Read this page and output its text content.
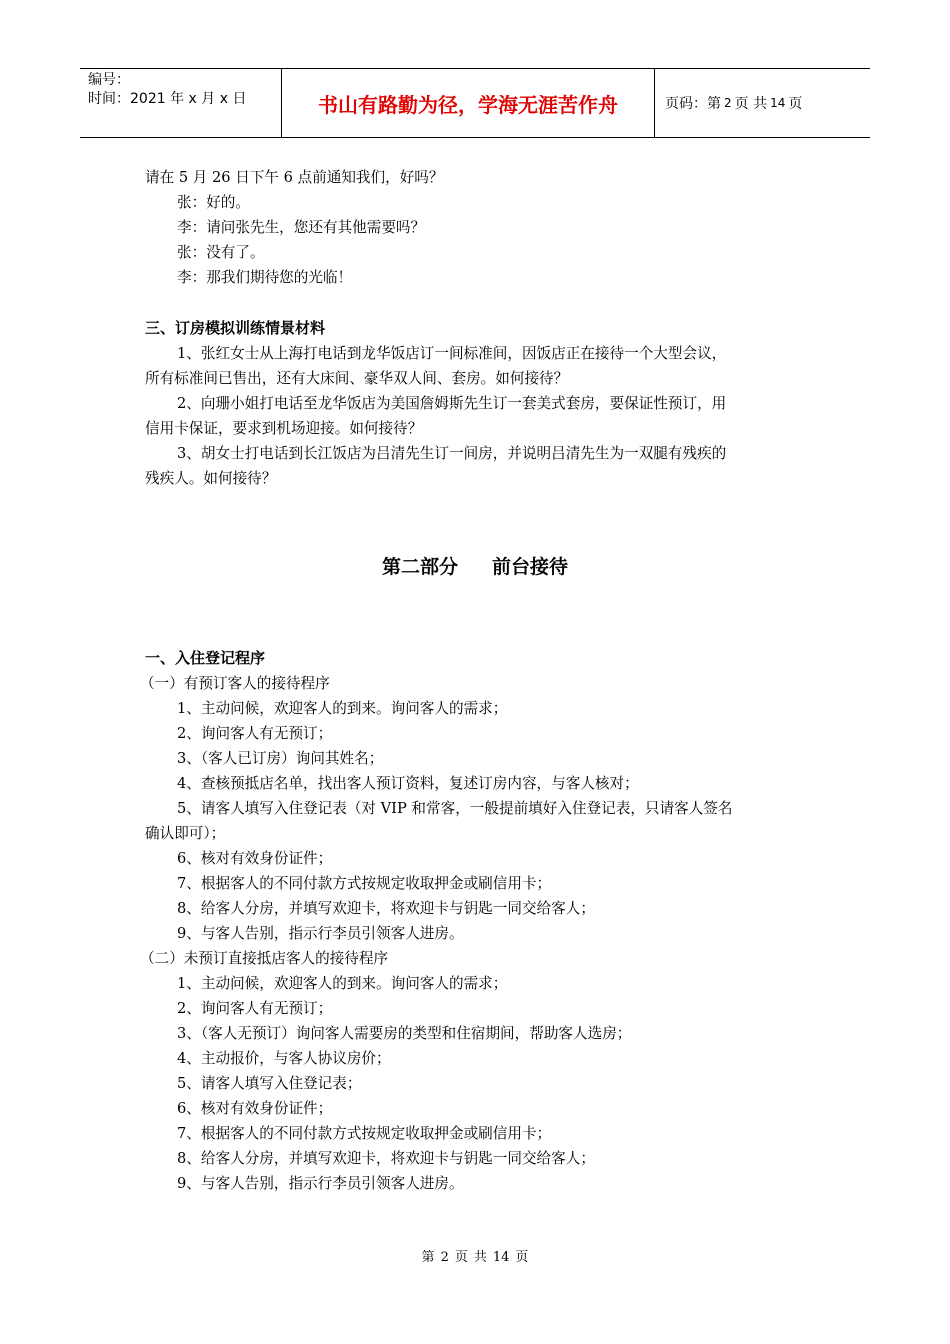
编号：
时间：2021 年 x 月 x 日	书山有路勤为径，学海无涯苦作舟	页码：第 2 页 共 14 页
请在 5 月 26 日下午 6 点前通知我们，好吗？
张：好的。
李：请问张先生，您还有其他需要吗？
张：没有了。
李：那我们期待您的光临！
三、订房模拟训练情景材料
1、张红女士从上海打电话到龙华饭店订一间标准间，因饭店正在接待一个大型会议，
所有标准间已售出，还有大床间、豪华双人间、套房。如何接待？
2、向珊小姐打电话至龙华饭店为美国詹姆斯先生订一套美式套房，要保证性预订，用
信用卡保证，要求到机场迎接。如何接待？
3、胡女士打电话到长江饭店为吕清先生订一间房，并说明吕清先生为一双腿有残疾的
残疾人。如何接待？
一、入住登记程序
（一）有预订客人的接待程序
1、主动问候，欢迎客人的到来。询问客人的需求；
2、询问客人有无预订；
3、（客人已订房）询问其姓名；
4、查核预抵店名单，找出客人预订资料，复述订房内容，与客人核对；
5、请客人填写入住登记表（对 VIP 和常客，一般提前填好入住登记表，只请客人签名
确认即可）；
6、核对有效身份证件；
7、根据客人的不同付款方式按规定收取押金或刷信用卡；
8、给客人分房，并填写欢迎卡，将欢迎卡与钥匙一同交给客人；
9、与客人告别，指示行李员引领客人进房。
（二）未预订直接抵店客人的接待程序
1、主动问候，欢迎客人的到来。询问客人的需求；
2、询问客人有无预订；
3、（客人无预订）询问客人需要房的类型和住宿期间，帮助客人选房；
4、主动报价，与客人协议房价；
5、请客人填写入住登记表；
6、核对有效身份证件；
7、根据客人的不同付款方式按规定收取押金或刷信用卡；
8、给客人分房，并填写欢迎卡，将欢迎卡与钥匙一同交给客人；
9、与客人告别，指示行李员引领客人进房。
第二部分 前台接待
第 2 页 共 14 页
